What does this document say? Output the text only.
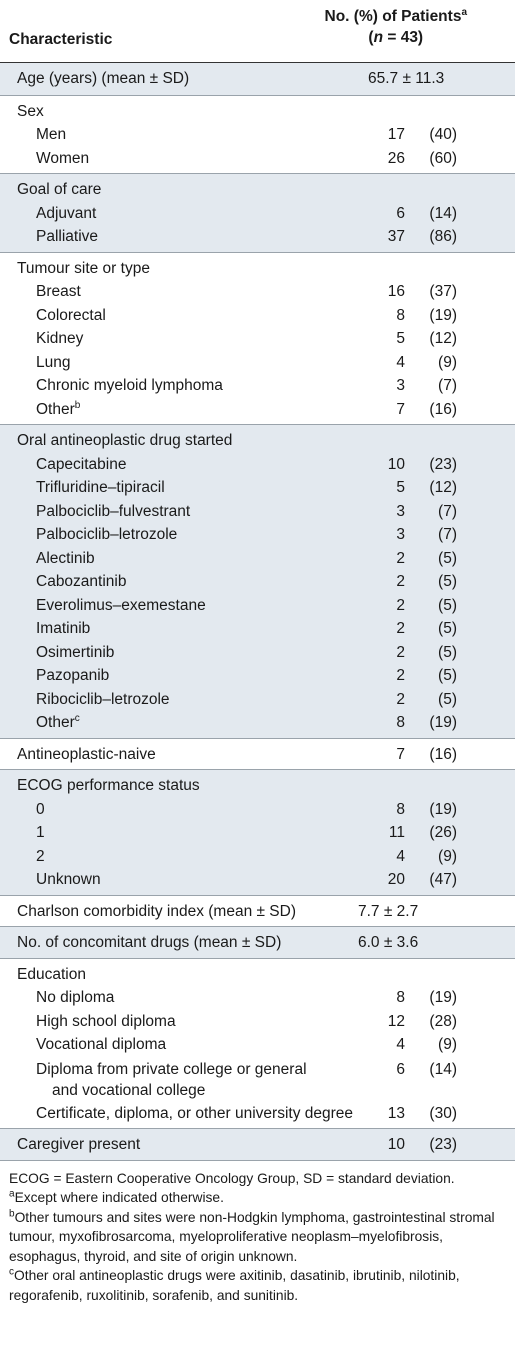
Characteristic
No. (%) of Patients$^a$
(n = 43)
Age (years) (mean ± SD)	65.7 ± 11.3
Sex
Men	17 (40)
Women	26 (60)
Goal of care
Adjuvant	6 (14)
Palliative	37 (86)
Tumour site or type
Breast	16 (37)
Colorectal	8 (19)
Kidney	5 (12)
Lung	4 (9)
Chronic myeloid lymphoma	3 (7)
Other$^b$	7 (16)
Oral antineoplastic drug started
Capecitabine	10 (23)
Trifluridine–tipiracil	5 (12)
Palbociclib–fulvestrant	3 (7)
Palbociclib–letrozole	3 (7)
Alectinib	2 (5)
Cabozantinib	2 (5)
Everolimus–exemestane	2 (5)
Imatinib	2 (5)
Osimertinib	2 (5)
Pazopanib	2 (5)
Ribociclib–letrozole	2 (5)
Other$^c$	8 (19)
Antineoplastic-naive	7 (16)
ECOG performance status
0	8 (19)
1	11 (26)
2	4 (9)
Unknown	20 (47)
Charlson comorbidity index (mean ± SD)	7.7 ± 2.7
No. of concomitant drugs (mean ± SD)	6.0 ± 3.6
Education
No diploma	8 (19)
High school diploma	12 (28)
Vocational diploma	4 (9)
Diploma from private college or general
and vocational college
6 (14)
Certificate, diploma, or other university degree 13 (30)
Caregiver present	10 (23)

ECOG = Eastern Cooperative Oncology Group, SD = standard deviation.

$^a$Except where indicated otherwise.

$^b$Other tumours and sites were non-Hodgkin lymphoma, gastrointestinal stromal tumour, myxofibrosarcoma, myeloproliferative neoplasm–myelofibrosis, esophagus, thyroid, and site of origin unknown.

$^c$Other oral antineoplastic drugs were axitinib, dasatinib, ibrutinib, nilotinib, regorafenib, ruxolitinib, sorafenib, and sunitinib.
